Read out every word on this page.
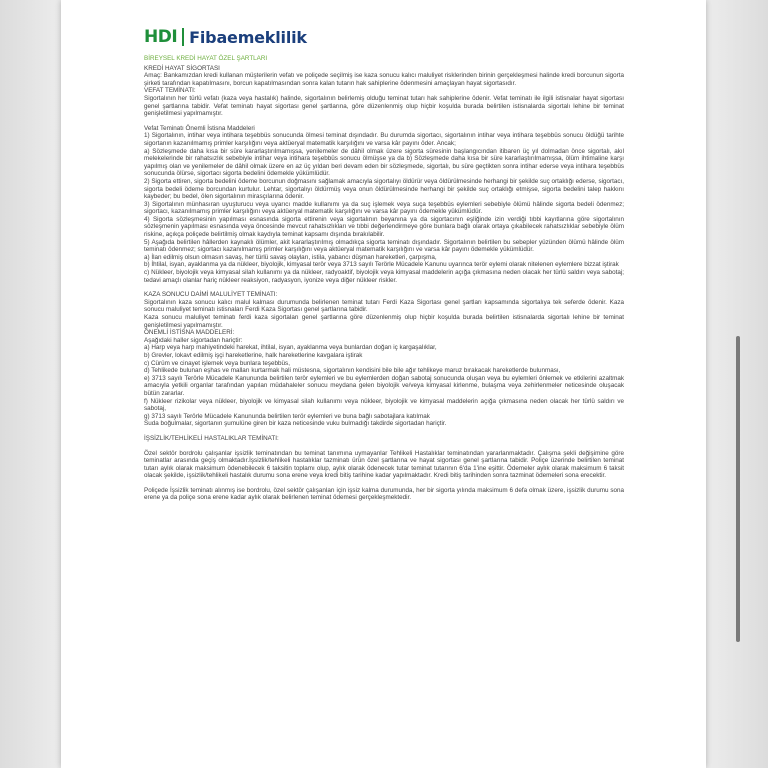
HDI Fibaemeklilik
BİREYSEL KREDİ HAYAT ÖZEL ŞARTLARI

KREDİ HAYAT SİGORTASI

Amaç: Bankamızdan kredi kullanan müşterilerin vefatı ve poliçede seçilmiş ise kaza sonucu kalıcı maluliyet risklerinden birinin gerçekleşmesi halinde kredi borcunun sigorta şirketi tarafından kapatılmasını, borcun kapatılmasından sonra kalan tutarın hak sahiplerine ödenmesini amaçlayan hayat sigortasıdır.

VEFAT TEMİNATI:

Sigortalının her türlü vefatı (kaza veya hastalık) halinde, sigortalının belirlemiş olduğu teminat tutarı hak sahiplerine ödenir. Vefat teminatı ile ilgili istisnalar hayat sigortası genel şartlarına tabidir. Vefat teminatı hayat sigortası genel şartlarına, göre düzenlenmiş olup hiçbir koşulda burada belirtilen istisnalarda sigortalı lehine bir teminat genişletilmesi yapılmamıştır.

Vefat Teminatı Önemli İstisna Maddeleri

1) Sigortalının, intihar veya intihara teşebbüs sonucunda ölmesi teminat dışındadır. Bu durumda sigortacı, sigortalının intihar veya intihara teşebbüs sonucu öldüğü tarihte sigortanın kazanılmamış primler karşılığını veya aktüeryal matematik karşılığını ve varsa kâr payını öder. Ancak;

a) Sözleşmede daha kısa bir süre kararlaştırılmamışsa, yenilemeler de dâhil olmak üzere sigorta süresinin başlangıcından itibaren üç yıl dolmadan önce sigortalı, akıl melekelerinde bir rahatsızlık sebebiyle intihar veya intihara teşebbüs sonucu ölmüşse ya da b) Sözleşmede daha kısa bir süre kararlaştırılmamışsa, ölüm ihtimaline karşı yapılmış olan ve yenilemeler de dâhil olmak üzere en az üç yıldan beri devam eden bir sözleşmede, sigortalı, bu süre geçtikten sonra intihar ederse veya intihara teşebbüs sonucunda ölürse, sigortacı sigorta bedelini ödemekle yükümlüdür.

2) Sigorta ettiren, sigorta bedelini ödeme borcunun doğmasını sağlamak amacıyla sigortalıyı öldürür veya öldürülmesinde herhangi bir şekilde suç ortaklığı ederse, sigortacı, sigorta bedeli ödeme borcundan kurtulur. Lehtar, sigortalıyı öldürmüş veya onun öldürülmesinde herhangi bir şekilde suç ortaklığı etmişse, sigorta bedelini talep hakkını kaybeder; bu bedel, ölen sigortalının mirasçılarına ödenir.

3) Sigortalının münhasıran uyuşturucu veya uyarıcı madde kullanımı ya da suç işlemek veya suça teşebbüs eylemleri sebebiyle ölümü hâlinde sigorta bedeli ödenmez; sigortacı, kazanılmamış primler karşılığını veya aktüeryal matematik karşılığını ve varsa kâr payını ödemekle yükümlüdür.

4) Sigorta sözleşmesinin yapılması esnasında sigorta ettirenin veya sigortalının beyanına ya da sigortacının eşliğinde izin verdiği tıbbi kayıtlarına göre sigortalının sözleşmenin yapılması esnasında veya öncesinde mevcut rahatsızlıkları ve tıbbi değerlendirmeye göre bunlara bağlı olarak ortaya çıkabilecek rahatsızlıklar sebebiyle ölüm riskine, açıkça poliçede belirtilmiş olmak kaydıyla teminat kapsamı dışında bırakılabilir.

5) Aşağıda belirtilen hâllerden kaynaklı ölümler, akit kararlaştırılmış olmadıkça sigorta teminatı dışındadır. Sigortalının belirtilen bu sebepler yüzünden ölümü hâlinde ölüm teminatı ödenmez; sigortacı kazanılmamış primler karşılığını veya aktüeryal matematik karşılığını ve varsa kâr payını ödemekle yükümlüdür.

a) İlan edilmiş olsun olmasın savaş, her türlü savaş olayları, istila, yabancı düşman hareketleri, çarpışma,

b) İhtilal, isyan, ayaklanma ya da nükleer, biyolojik, kimyasal terör veya 3713 sayılı Terörle Mücadele Kanunu uyarınca terör eylemi olarak nitelenen eylemlere bizzat iştirak

c) Nükleer, biyolojik veya kimyasal silah kullanımı ya da nükleer, radyoaktif, biyolojik veya kimyasal maddelerin açığa çıkmasına neden olacak her türlü saldırı veya sabotaj; tedavi amaçlı olanlar hariç nükleer reaksiyon, radyasyon, iyonize veya diğer nükleer riskler.

KAZA SONUCU DAİMİ MALULİYET TEMİNATI:

Sigortalının kaza sonucu kalıcı malul kalması durumunda belirlenen teminat tutarı Ferdi Kaza Sigortası genel şartları kapsamında sigortalıya tek seferde ödenir. Kaza sonucu maluliyet teminatı istisnaları Ferdi Kaza Sigortası genel şartlarına tabidir.

Kaza sonucu maluliyet teminatı ferdi kaza sigortaları genel şartlarına göre düzenlenmiş olup hiçbir koşulda burada belirtilen istisnalarda sigortalı lehine bir teminat genişletilmesi yapılmamıştır.

ÖNEMLİ İSTİSNA MADDELERİ:

Aşağıdaki haller sigortadan hariçtir:

a) Harp veya harp mahiyetindeki harekat, ihtilal, isyan, ayaklanma veya bunlardan doğan iç kargaşalıklar,

b) Grevler, lokavt edilmiş işçi hareketlerine, halk hareketlerine kavgalara iştirak

c) Cürüm ve cinayet işlemek veya bunlara teşebbüs,

d) Tehlikede bulunan eşhas ve malları kurtarmak hali müstesna, sigortalının kendisini bile bile ağır tehlikeye maruz bırakacak hareketlerde bulunması,

e) 3713 sayılı Terörle Mücadele Kanununda belirtilen terör eylemleri ve bu eylemlerden doğan sabotaj sonucunda oluşan veya bu eylemleri önlemek ve etkilerini azaltmak amacıyla yetkili organlar tarafından yapılan müdahaleler sonucu meydana gelen biyolojik ve/veya kimyasal kirlenme, bulaşma veya zehirlenmeler neticesinde oluşacak bütün zararlar.

f) Nükleer rizikolar veya nükleer, biyolojik ve kimyasal silah kullanımı veya nükleer, biyolojik ve kimyasal maddelerin açığa çıkmasına neden olacak her türlü saldırı ve sabotaj,

g) 3713 sayılı Terörle Mücadele Kanununda belirtilen terör eylemleri ve buna bağlı sabotajlara katılmak

Suda boğulmalar, sigortanın şumulüne giren bir kaza neticesinde vuku bulmadığı takdirde sigortadan hariçtir.

İŞSİZLİK/TEHLİKELİ HASTALIKLAR TEMİNATI:

Özel sektör bordrolu çalışanlar işsizlik teminatından bu teminat tanımına uymayanlar Tehlikeli Hastalıklar teminatından yararlanmaktadır. Çalışma şekli değişimine göre teminatlar arasında geçiş olmaktadır.İşsizlik/tehlikeli hastalıklar tazminatı ürün özel şartlarına ve hayat sigortası genel şartlarına tabidir. Poliçe üzerinde belirtilen teminat tutarı aylık olarak maksimum ödenebilecek 6 taksitin toplamı olup, aylık olarak ödenecek tutar teminat tutarının 6'da 1'ine eşittir. Ödemeler aylık olarak maksimum 6 taksit olacak şekilde, işsizlik/tehlikeli hastalık durumu sona erene veya kredi bitiş tarihine kadar yapılmaktadır. Kredi bitiş tarihinden sonra tazminat ödemeleri sona erecektir.

Poliçede İşsizlik teminatı alınmış ise bordrolu, özel sektör çalışanları için işsiz kalma durumunda, her bir sigorta yılında maksimum 6 defa olmak üzere, işsizlik durumu sona erene ya da poliçe sona erene kadar aylık olarak belirlenen teminat ödemesi gerçekleşmektedir.
